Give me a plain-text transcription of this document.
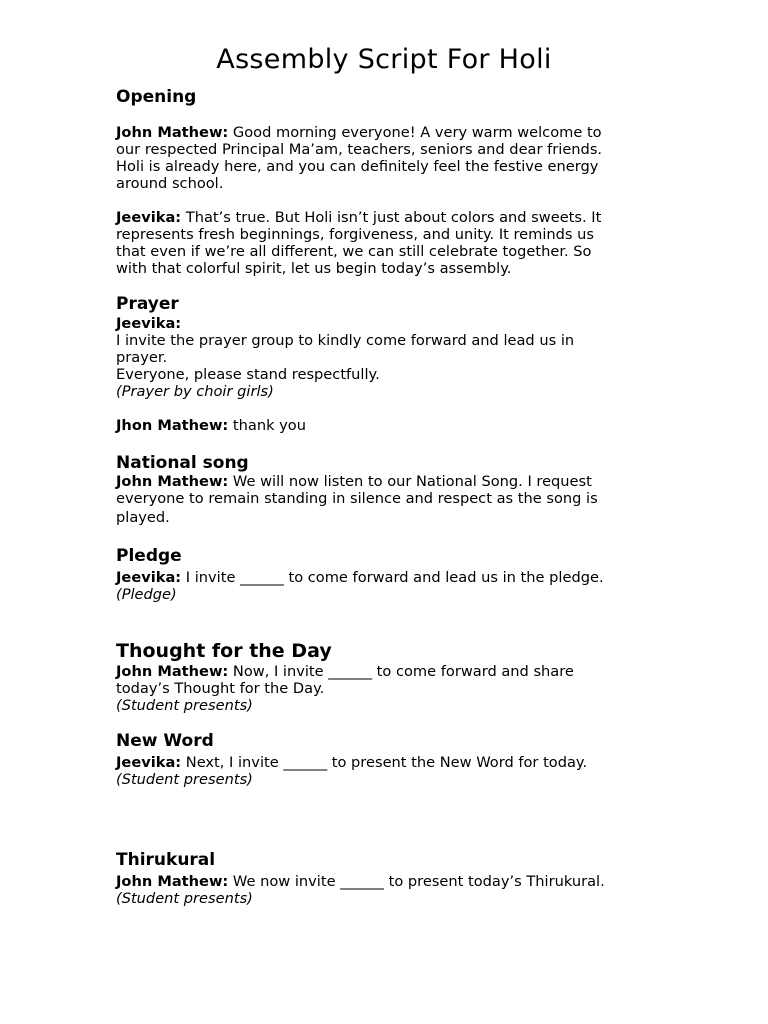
Assembly Script For Holi
Opening

John Mathew: Good morning everyone! A very warm welcome to
our respected Principal Ma’am, teachers, seniors and dear friends.
Holi is already here, and you can definitely feel the festive energy
around school.

Jeevika: That’s true. But Holi isn’t just about colors and sweets. It
represents fresh beginnings, forgiveness, and unity. It reminds us
that even if we’re all different, we can still celebrate together. So
with that colorful spirit, let us begin today’s assembly.

Prayer

Jeevika:
I invite the prayer group to kindly come forward and lead us in
prayer.
Everyone, please stand respectfully.
(Prayer by choir girls)

Jhon Mathew: thank you

National song

John Mathew: We will now listen to our National Song. I request
everyone to remain standing in silence and respect as the song is
played.

Pledge

Jeevika: I invite ______ to come forward and lead us in the pledge.
(Pledge)

Thought for the Day

John Mathew: Now, I invite ______ to come forward and share
today’s Thought for the Day.
(Student presents)

New Word

Jeevika: Next, I invite ______ to present the New Word for today.
(Student presents)

Thirukural

John Mathew: We now invite ______ to present today’s Thirukural.
(Student presents)
